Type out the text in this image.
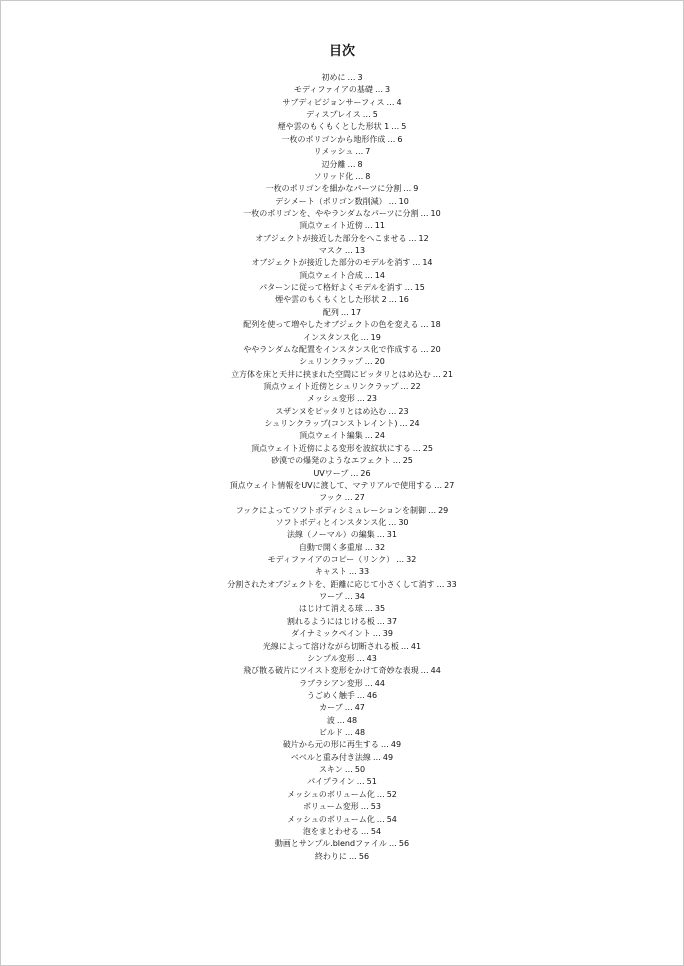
目次
初めに … 3
モディファイアの基礎 … 3
サブディビジョンサーフィス … 4
ディスプレイス … 5
煙や雲のもくもくとした形状 1 … 5
一枚のポリゴンから地形作成 … 6
リメッシュ … 7
辺分離 … 8
ソリッド化 … 8
一枚のポリゴンを細かなパーツに分割 … 9
デシメート（ポリゴン数削減） … 10
一枚のポリゴンを、ややランダムなパーツに分割 … 10
頂点ウェイト近傍 … 11
オブジェクトが接近した部分をへこませる … 12
マスク … 13
オブジェクトが接近した部分のモデルを消す … 14
頂点ウェイト合成 … 14
パターンに従って格好よくモデルを消す … 15
煙や雲のもくもくとした形状 2 … 16
配列 … 17
配列を使って増やしたオブジェクトの色を変える … 18
インスタンス化 … 19
ややランダムな配置をインスタンス化で作成する … 20
シュリンクラップ … 20
立方体を床と天井に挟まれた空間にピッタリとはめ込む … 21
頂点ウェイト近傍とシュリンクラップ … 22
メッシュ変形 … 23
スザンヌをピッタリとはめ込む … 23
シュリンクラップ(コンストレイント) … 24
頂点ウェイト編集 … 24
頂点ウェイト近傍による変形を波紋状にする … 25
砂漠での爆発のようなエフェクト … 25
UVワープ … 26
頂点ウェイト情報をUVに渡して、マテリアルで使用する … 27
フック … 27
フックによってソフトボディシミュレーションを制御 … 29
ソフトボディとインスタンス化 … 30
法線（ノーマル）の編集 … 31
自動で開く多重扉 … 32
モディファイアのコピー（リンク） … 32
キャスト … 33
分割されたオブジェクトを、距離に応じて小さくして消す … 33
ワープ … 34
はじけて消える球 … 35
割れるようにはじける板 … 37
ダイナミックペイント … 39
光線によって溶けながら切断される板 … 41
シンプル変形 … 43
飛び散る破片にツイスト変形をかけて奇妙な表現 … 44
ラプラシアン変形 … 44
うごめく触手 … 46
カーブ … 47
波 … 48
ビルド … 48
破片から元の形に再生する … 49
ベベルと重み付き法線 … 49
スキン … 50
パイプライン … 51
メッシュのボリューム化 … 52
ボリューム変形 … 53
メッシュのボリューム化 … 54
泡をまとわせる … 54
動画とサンプル.blendファイル … 56
終わりに … 56
